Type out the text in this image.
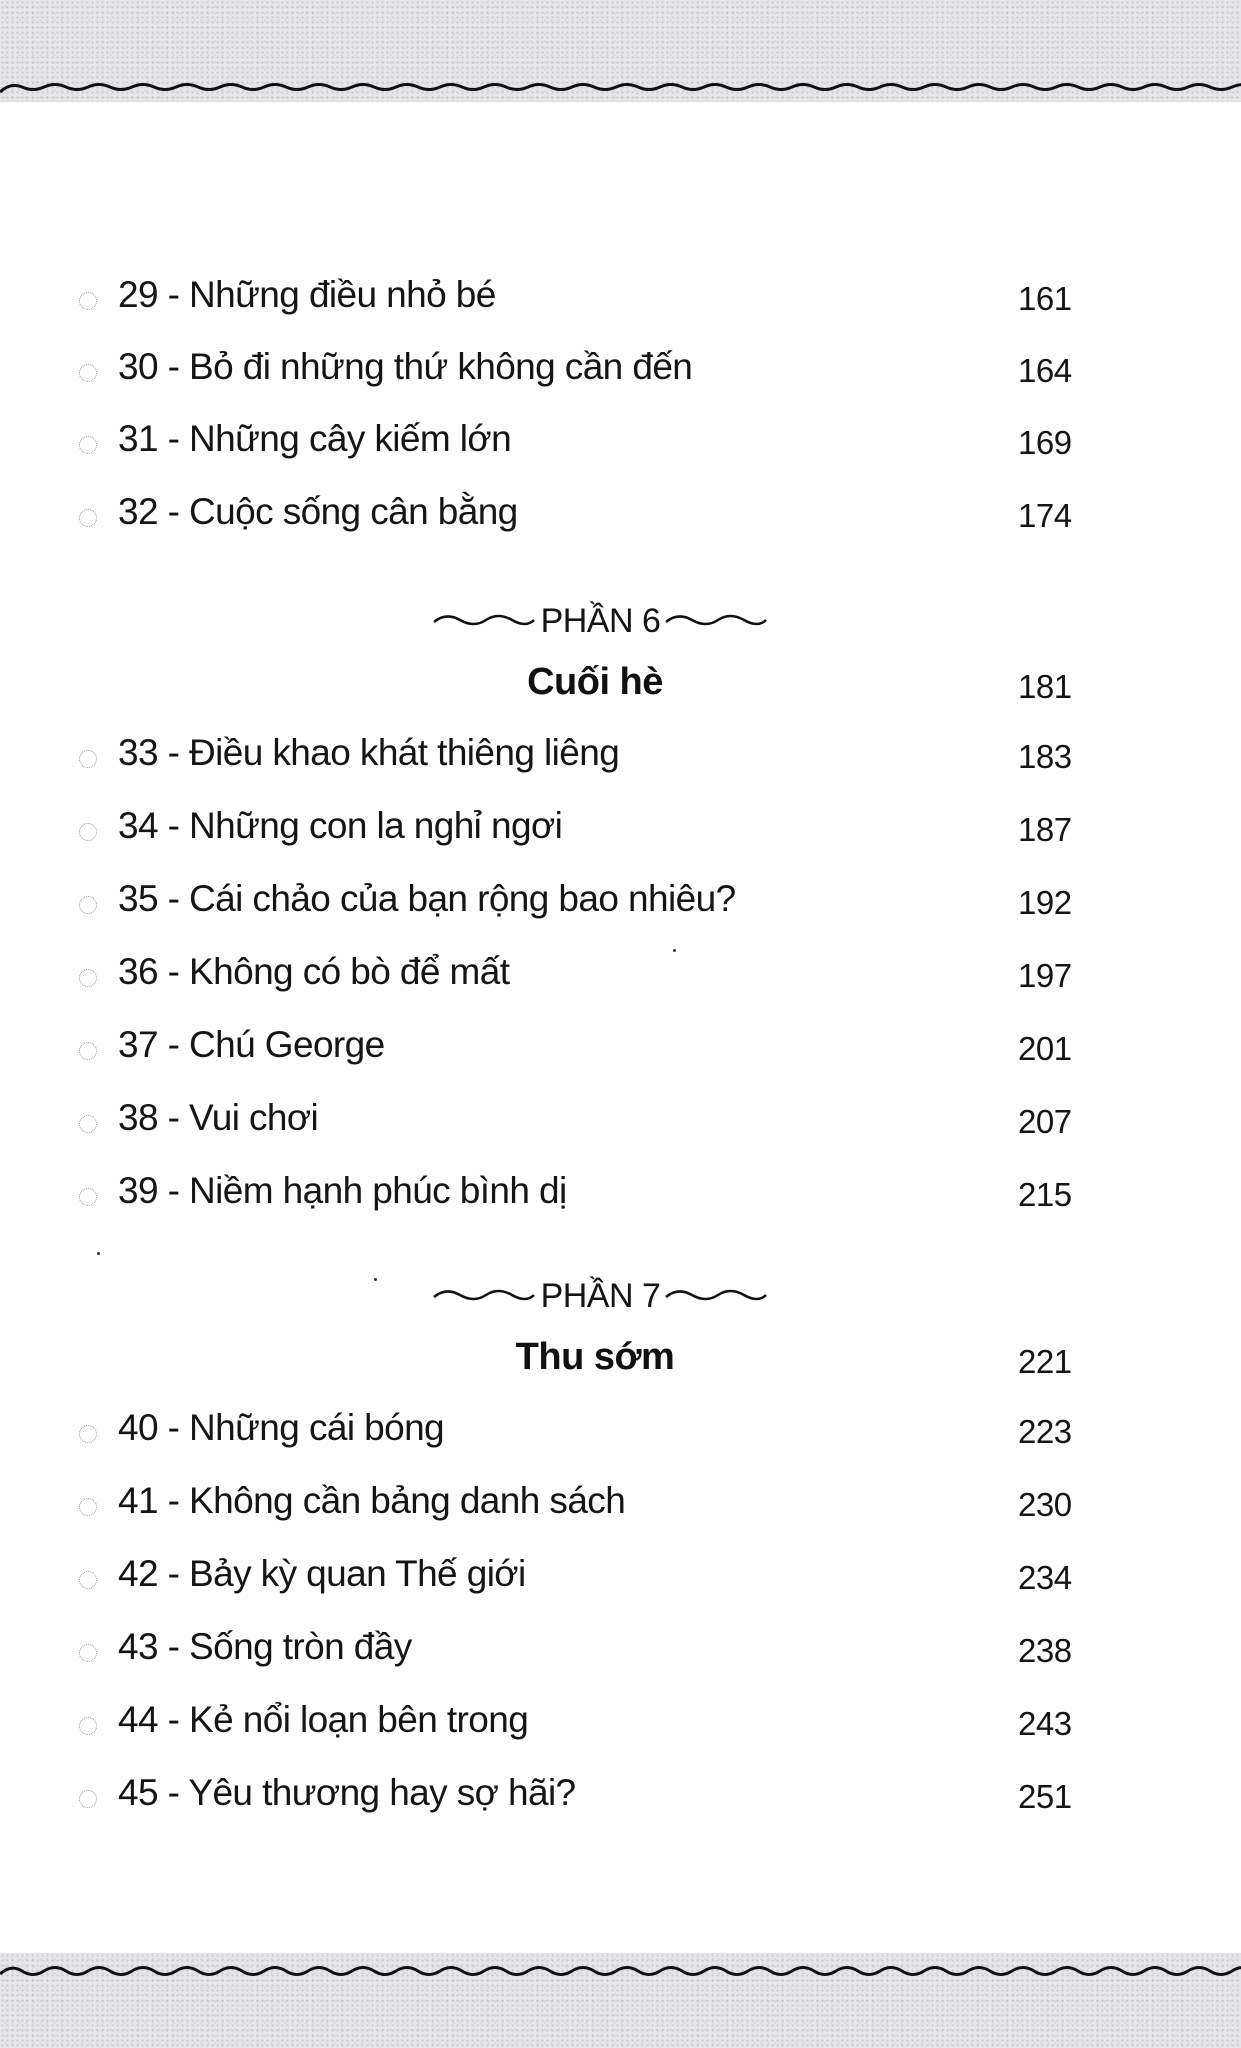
29 - Những điều nhỏ bé	161
30 - Bỏ đi những thứ không cần đến	164
31 - Những cây kiếm lớn	169
32 - Cuộc sống cân bằng	174
PHẦN 6
Cuối hè	181
33 - Điều khao khát thiêng liêng	183
34 - Những con la nghỉ ngơi	187
35 - Cái chảo của bạn rộng bao nhiêu?	192
36 - Không có bò để mất	197
37 - Chú George	201
38 - Vui chơi	207
39 - Niềm hạnh phúc bình dị	215
PHẦN 7
Thu sớm	221
40 - Những cái bóng	223
41 - Không cần bảng danh sách	230
42 - Bảy kỳ quan Thế giới	234
43 - Sống tròn đầy	238
44 - Kẻ nổi loạn bên trong	243
45 - Yêu thương hay sợ hãi?	251
